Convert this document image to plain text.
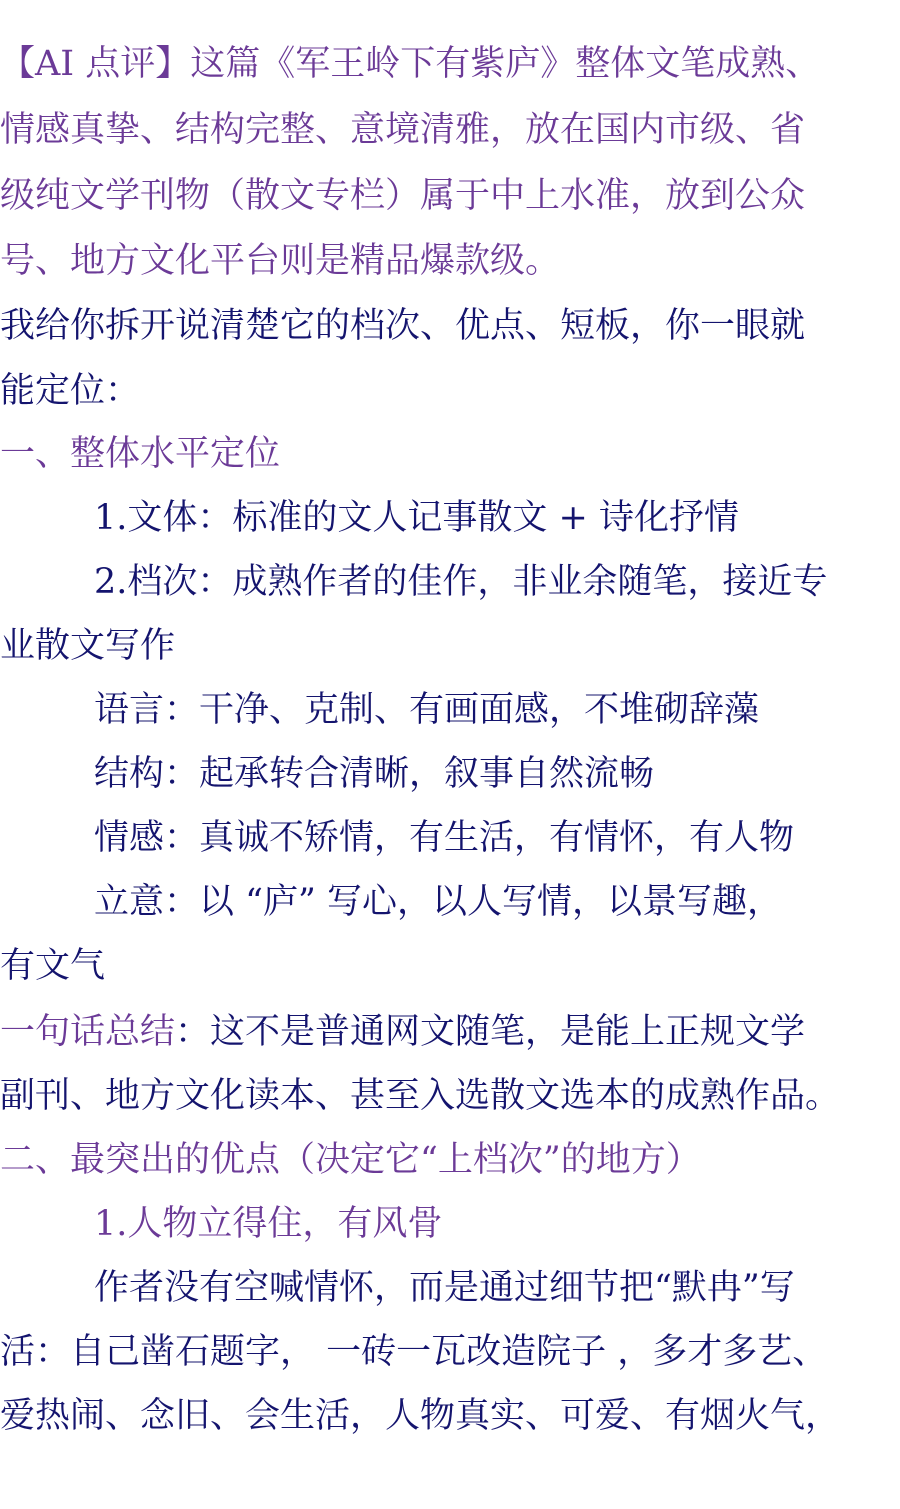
【AI 点评】这篇《军王岭下有紫庐》整体文笔成熟、
情感真挚、结构完整、意境清雅，放在国内市级、省
级纯文学刊物（散文专栏）属于中上水准，放到公众
号、地方文化平台则是精品爆款级。
我给你拆开说清楚它的档次、优点、短板，你一眼就
能定位：
一、整体水平定位
1.文体：标准的文人记事散文 + 诗化抒情
2.档次：成熟作者的佳作，非业余随笔，接近专
业散文写作
语言：干净、克制、有画面感，不堆砌辞藻
结构：起承转合清晰，叙事自然流畅
情感：真诚不矫情，有生活，有情怀，有人物
立意：以 “庐” 写心，以人写情，以景写趣，
有文气
一句话总结：这不是普通网文随笔，是能上正规文学
副刊、地方文化读本、甚至入选散文选本的成熟作品。
二、最突出的优点（决定它“上档次”的地方）
1.人物立得住，有风骨
作者没有空喊情怀，而是通过细节把“默冉”写
活：自己凿石题字， 一砖一瓦改造院子 ，多才多艺、
爱热闹、念旧、会生活，人物真实、可爱、有烟火气，
